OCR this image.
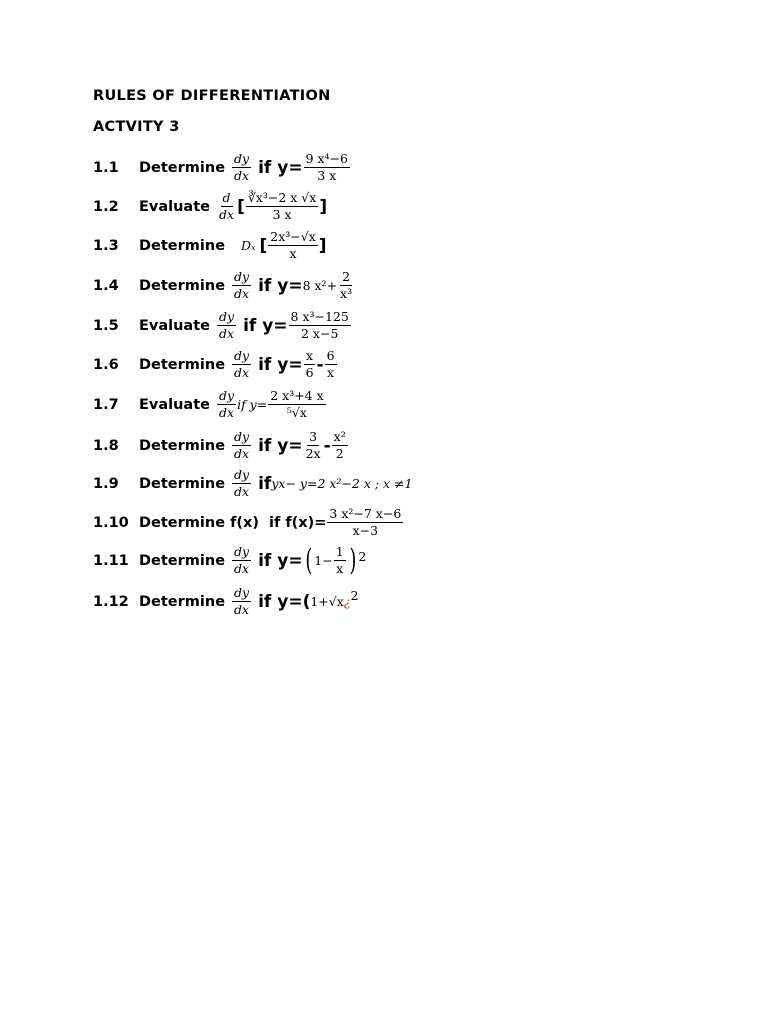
RULES OF DIFFERENTIATION
ACTVITY 3
1.1	Determine $\frac{dy}{dx}$ if $y= \frac{\text{9 x⁴−6}}{3 x}$
1.2	Evaluate $\frac{d}{dx}$ [ $\frac{\text{∛x³−2 x √x}}{3 x}$ ]
1.3	Determine Dₓ [ $\frac{\text{2x³−√x}}{x}$ ]
1.4	Determine $\frac{dy}{dx}$ if y= 8 $x^2+ \frac{2}{\text{x³}}$
1.5	Evaluate $\frac{dy}{dx}$ if $y= \frac{\text{8 x³−125}}{2 x-5}$
1.6	Determine $\frac{dy}{dx}$ if $y= \frac{x}{6} - \frac{6}{x}$
1.7	Evaluate $\frac{dy}{dx}$ if $y= \frac{\text{2 x³+4 x}}{\text{⁵√x}}$
1.8	Determine $\frac{dy}{dx}$ if $y= \frac{3}{2x} - \frac{\text{x²}}{2}$
1.9	Determine $\frac{dy}{dx}$ if yx− y=2 x²−2 x ; x ≠1
1.10 Determine f(x) if $f(x)= \frac{\text{3 x²−7 x−6}}{x-3}$
1.11 Determine $\frac{dy}{dx}$ if y= ( $1- \frac{1}{x} )^2$
1.12 Determine $\frac{dy}{dx}$ if y=( 1+√x ¿$^2$
